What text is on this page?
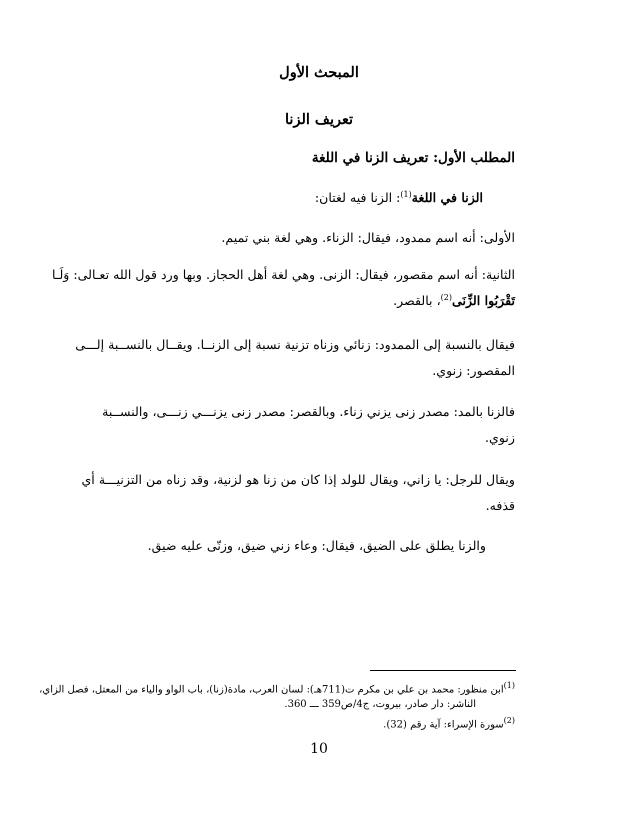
المبحث الأول
تعريف الزنا
المطلب الأول: تعريف الزنا في اللغة
الزنا في اللغة$^{(1)}$: الزنا فيه لغتان:
الأولى: أنه اسم ممدود، فيقال: الزناء. وهي لغة بني تميم.
الثانية: أنه اسم مقصور، فيقال: الزنى. وهي لغة أهل الحجاز. وبها ورد قول الله تعـالى: وَلَـا
تَقْرَبُوا الزِّنَى$^{(2)}$، بالقصر.
فيقال بالنسبة إلى الممدود: زنائي وزناه تزنية نسبة إلى الزنــا. ويقــال بالنســبة إلـــى
المقصور: زنوي.
فالزنا بالمد: مصدر زنى يزني زناء. وبالقصر: مصدر زنى يزنـــي زنـــى، والنســبة
زنوي.
ويقال للرجل: يا زاني، ويقال للولد إذا كان من زنا هو لزنية، وقد زناه من التزنيـــة أي
قذفه.
والزنا يطلق على الضيق، فيقال: وعاء زني ضيق، وزنّى عليه ضيق.
$^{(1)}$ابن منظور: محمد بن علي بن مكرم ت(711هـ): لسان العرب، مادة(زنا)، باب الواو والياء من المعتل، فصل الزاي،
الناشر: دار صادر، بيروت، ج4/ص359 ـــ 360.
$^{(2)}$سورة الإسراء: آية رقم (32).
10
